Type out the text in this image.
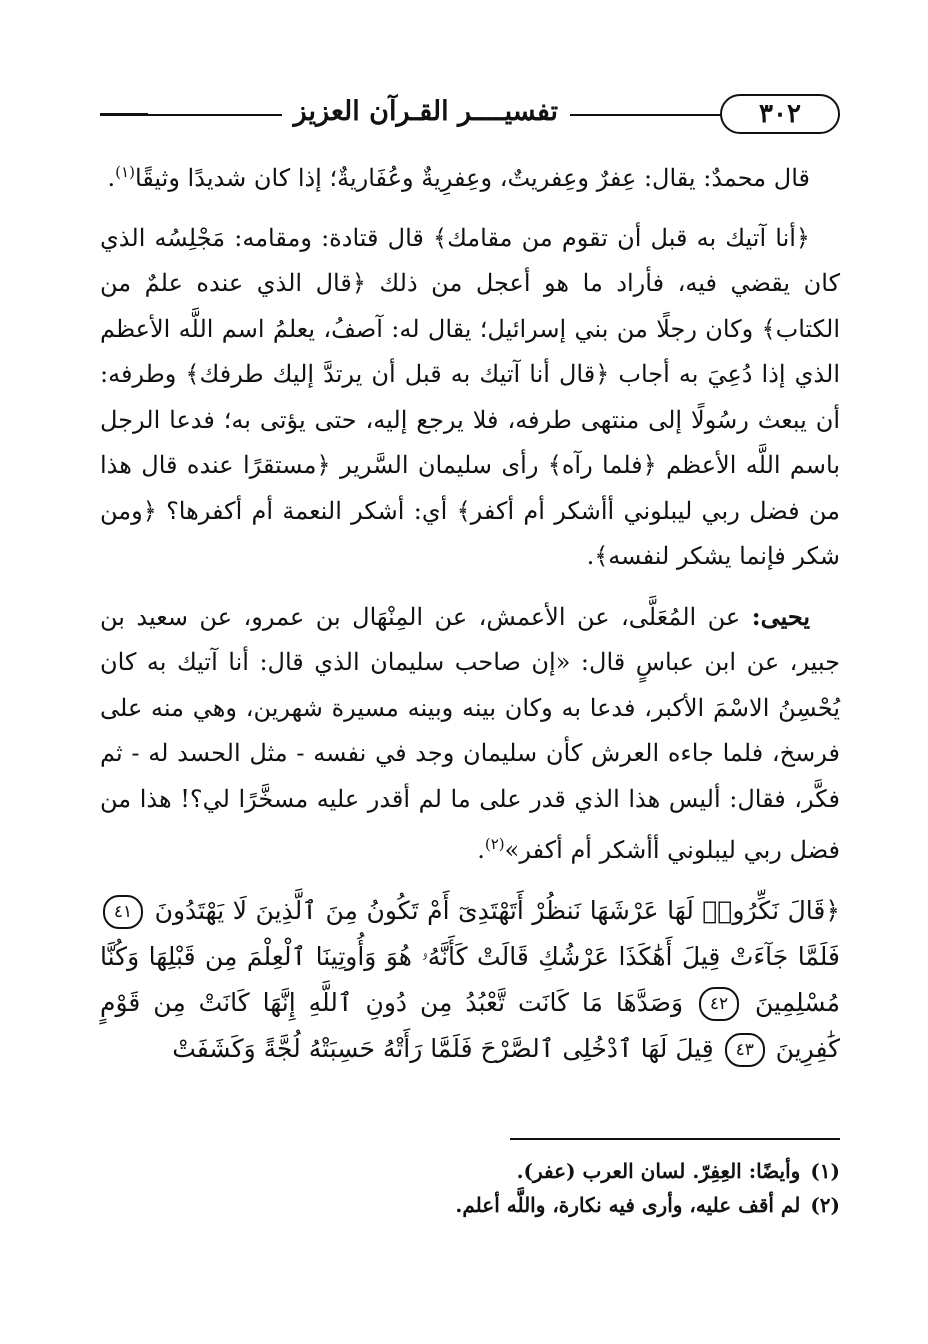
٣٠٢
تفسيــــر القـرآن العزيز

قال محمدٌ: يقال: عِفرٌ وعِفريتٌ، وعِفرِيةٌ وعُفَاريةٌ؛ إذا كان شديدًا وثيقًا$^{(١)}$.

﴿أنا آتيك به قبل أن تقوم من مقامك﴾ قال قتادة: ومقامه: مَجْلِسُه الذي كان يقضي فيه، فأراد ما هو أعجل من ذلك ﴿قال الذي عنده علمٌ من الكتاب﴾ وكان رجلًا من بني إسرائيل؛ يقال له: آصفُ، يعلمُ اسم اللَّه الأعظم الذي إذا دُعِيَ به أجاب ﴿قال أنا آتيك به قبل أن يرتدَّ إليك طرفك﴾ وطرفه: أن يبعث رسُولًا إلى منتهى طرفه، فلا يرجع إليه، حتى يؤتى به؛ فدعا الرجل باسم اللَّه الأعظم ﴿فلما رآه﴾ رأى سليمان السَّرير ﴿مستقرًا عنده قال هذا من فضل ربي ليبلوني أأشكر أم أكفر﴾ أي: أشكر النعمة أم أكفرها؟ ﴿ومن شكر فإنما يشكر لنفسه﴾.

يحيى: عن المُعَلَّى، عن الأعمش، عن المِنْهَال بن عمرو، عن سعيد بن جبير، عن ابن عباسٍ قال: «إن صاحب سليمان الذي قال: أنا آتيك به كان يُحْسِنُ الاسْمَ الأكبر، فدعا به وكان بينه وبينه مسيرة شهرين، وهي منه على فرسخ، فلما جاءه العرش كأن سليمان وجد في نفسه - مثل الحسد له - ثم فكَّر، فقال: أليس هذا الذي قدر على ما لم أقدر عليه مسخَّرًا لي؟! هذا من فضل ربي ليبلوني أأشكر أم أكفر»$^{(٢)}$.

﴿قَالَ نَكِّرُوا۟ لَهَا عَرْشَهَا نَنظُرْ أَتَهْتَدِىٓ أَمْ تَكُونُ مِنَ ٱلَّذِينَ لَا يَهْتَدُونَ ٤١ فَلَمَّا جَآءَتْ قِيلَ أَهَٰكَذَا عَرْشُكِ قَالَتْ كَأَنَّهُۥ هُوَ وَأُوتِينَا ٱلْعِلْمَ مِن قَبْلِهَا وَكُنَّا مُسْلِمِينَ ٤٢ وَصَدَّهَا مَا كَانَت تَّعْبُدُ مِن دُونِ ٱللَّهِ إِنَّهَا كَانَتْ مِن قَوْمٍ كَٰفِرِينَ ٤٣ قِيلَ لَهَا ٱدْخُلِى ٱلصَّرْحَ فَلَمَّا رَأَتْهُ حَسِبَتْهُ لُجَّةً وَكَشَفَتْ

(١)وأيضًا: العِفِرّ. لسان العرب (عفر).

(٢)لم أقف عليه، وأرى فيه نكارة، واللَّه أعلم.
